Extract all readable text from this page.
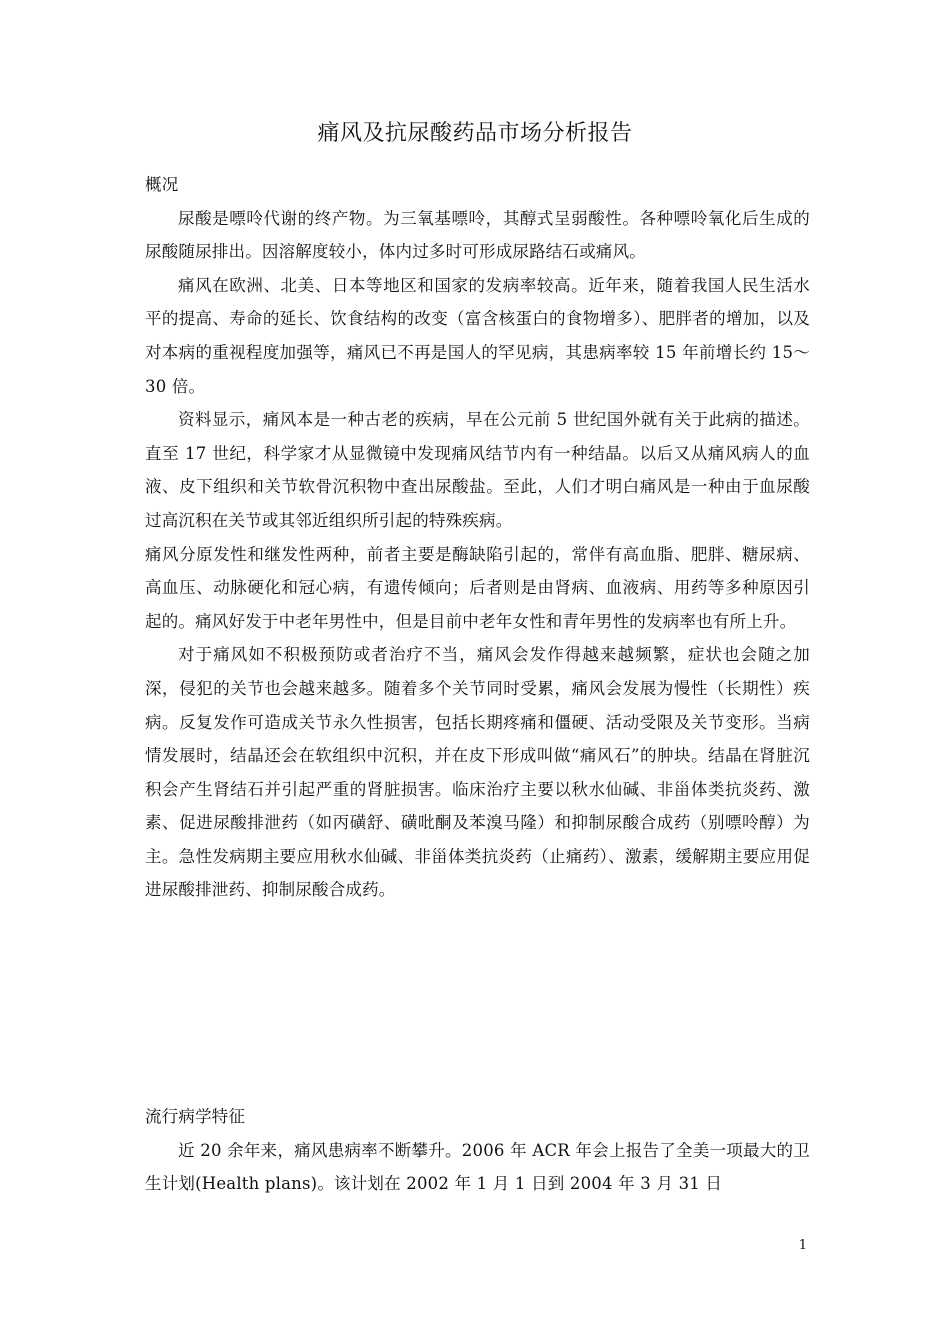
痛风及抗尿酸药品市场分析报告

概况

尿酸是嘌呤代谢的终产物。为三氧基嘌呤，其醇式呈弱酸性。各种嘌呤氧化后生成的尿酸随尿排出。因溶解度较小，体内过多时可形成尿路结石或痛风。

痛风在欧洲、北美、日本等地区和国家的发病率较高。近年来，随着我国人民生活水平的提高、寿命的延长、饮食结构的改变（富含核蛋白的食物增多）、肥胖者的增加，以及对本病的重视程度加强等，痛风已不再是国人的罕见病，其患病率较 15 年前增长约 15～30 倍。

资料显示，痛风本是一种古老的疾病，早在公元前 5 世纪国外就有关于此病的描述。直至 17 世纪，科学家才从显微镜中发现痛风结节内有一种结晶。以后又从痛风病人的血液、皮下组织和关节软骨沉积物中查出尿酸盐。至此，人们才明白痛风是一种由于血尿酸过高沉积在关节或其邻近组织所引起的特殊疾病。

痛风分原发性和继发性两种，前者主要是酶缺陷引起的，常伴有高血脂、肥胖、糖尿病、高血压、动脉硬化和冠心病，有遗传倾向；后者则是由肾病、血液病、用药等多种原因引起的。痛风好发于中老年男性中，但是目前中老年女性和青年男性的发病率也有所上升。

对于痛风如不积极预防或者治疗不当，痛风会发作得越来越频繁，症状也会随之加深，侵犯的关节也会越来越多。随着多个关节同时受累，痛风会发展为慢性（长期性）疾病。反复发作可造成关节永久性损害，包括长期疼痛和僵硬、活动受限及关节变形。当病情发展时，结晶还会在软组织中沉积，并在皮下形成叫做“痛风石”的肿块。结晶在肾脏沉积会产生肾结石并引起严重的肾脏损害。临床治疗主要以秋水仙碱、非甾体类抗炎药、激素、促进尿酸排泄药（如丙磺舒、磺吡酮及苯溴马隆）和抑制尿酸合成药（别嘌呤醇）为主。急性发病期主要应用秋水仙碱、非甾体类抗炎药（止痛药）、激素，缓解期主要应用促进尿酸排泄药、抑制尿酸合成药。

流行病学特征

近 20 余年来，痛风患病率不断攀升。2006 年 ACR 年会上报告了全美一项最大的卫生计划(Health plans)。该计划在 2002 年 1 月 1 日到 2004 年 3 月 31 日

1
